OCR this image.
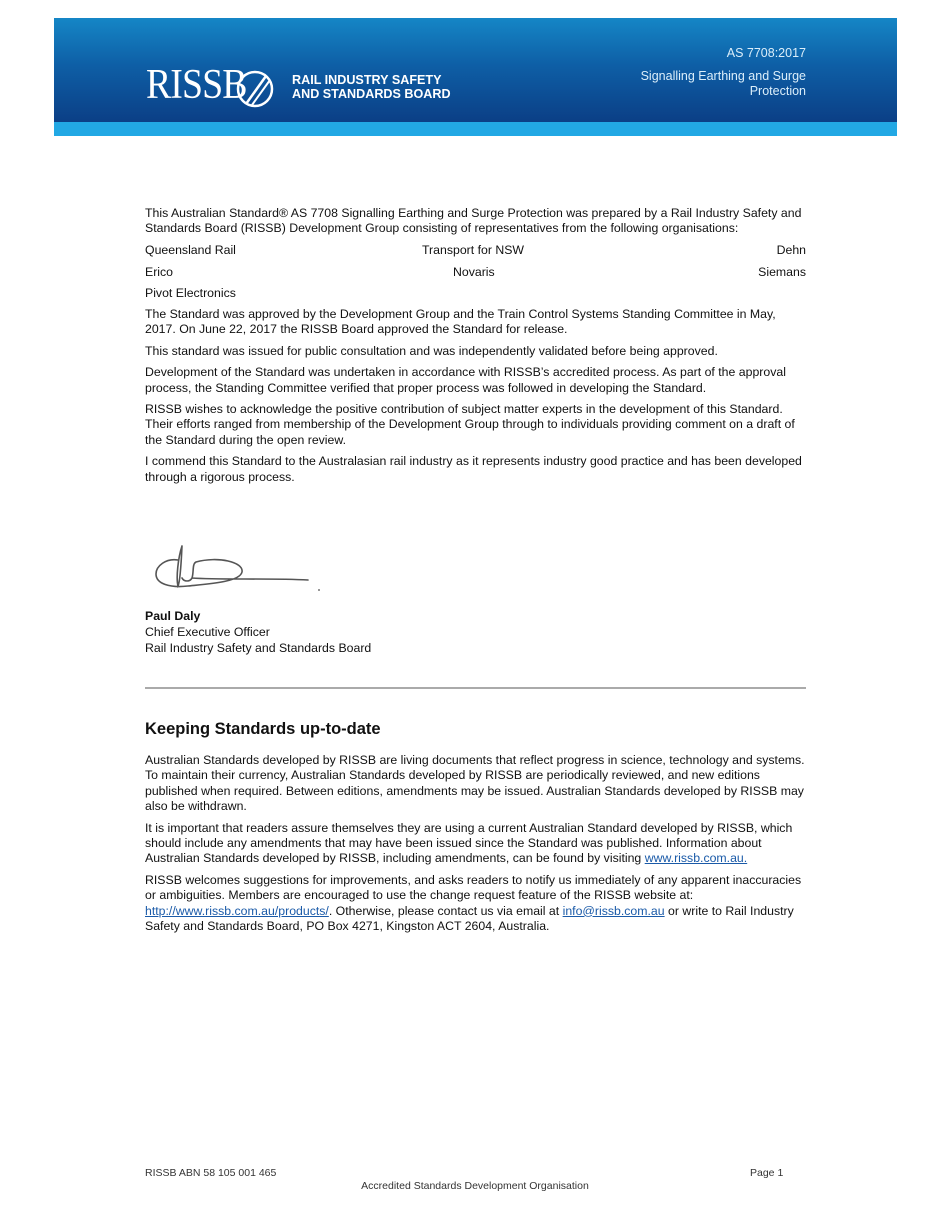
RISSB	RAIL INDUSTRY SAFETY
AND STANDARDS BOARD
AS 7708:2017
Signalling Earthing and Surge Protection

This Australian Standard® AS 7708 Signalling Earthing and Surge Protection was prepared by a Rail Industry Safety and Standards Board (RISSB) Development Group consisting of representatives from the following organisations:

Queensland Rail	Transport for NSW	Dehn
Erico	Novaris	Siemans
Pivot Electronics

The Standard was approved by the Development Group and the Train Control Systems Standing Committee in May, 2017. On June 22, 2017 the RISSB Board approved the Standard for release.

This standard was issued for public consultation and was independently validated before being approved.

Development of the Standard was undertaken in accordance with RISSB’s accredited process. As part of the approval process, the Standing Committee verified that proper process was followed in developing the Standard.

RISSB wishes to acknowledge the positive contribution of subject matter experts in the development of this Standard. Their efforts ranged from membership of the Development Group through to individuals providing comment on a draft of the Standard during the open review.

I commend this Standard to the Australasian rail industry as it represents industry good practice and has been developed through a rigorous process.

Paul Daly
Chief Executive Officer
Rail Industry Safety and Standards Board
Keeping Standards up-to-date

Australian Standards developed by RISSB are living documents that reflect progress in science, technology and systems. To maintain their currency, Australian Standards developed by RISSB are periodically reviewed, and new editions published when required. Between editions, amendments may be issued. Australian Standards developed by RISSB may also be withdrawn.

It is important that readers assure themselves they are using a current Australian Standard developed by RISSB, which should include any amendments that may have been issued since the Standard was published. Information about Australian Standards developed by RISSB, including amendments, can be found by visiting www.rissb.com.au.

RISSB welcomes suggestions for improvements, and asks readers to notify us immediately of any apparent inaccuracies or ambiguities. Members are encouraged to use the change request feature of the RISSB website at: http://www.rissb.com.au/products/. Otherwise, please contact us via email at info@rissb.com.au or write to Rail Industry Safety and Standards Board, PO Box 4271, Kingston ACT 2604, Australia.

RISSB ABN 58 105 001 465	Page 1
Accredited Standards Development Organisation
